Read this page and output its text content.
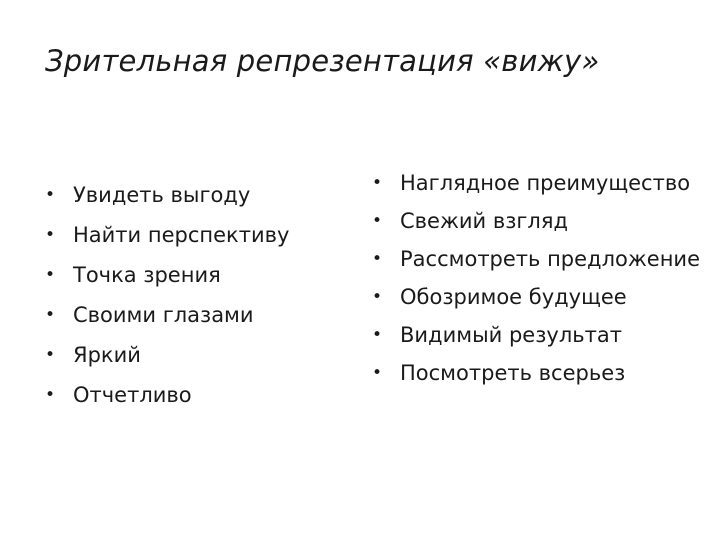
Зрительная репрезентация «вижу»
• Увидеть выгоду
• Найти перспективу
• Точка зрения
• Своими глазами
• Яркий
• Отчетливо
• Наглядное преимущество
• Свежий взгляд
• Рассмотреть предложение
• Обозримое будущее
• Видимый результат
• Посмотреть всерьез
